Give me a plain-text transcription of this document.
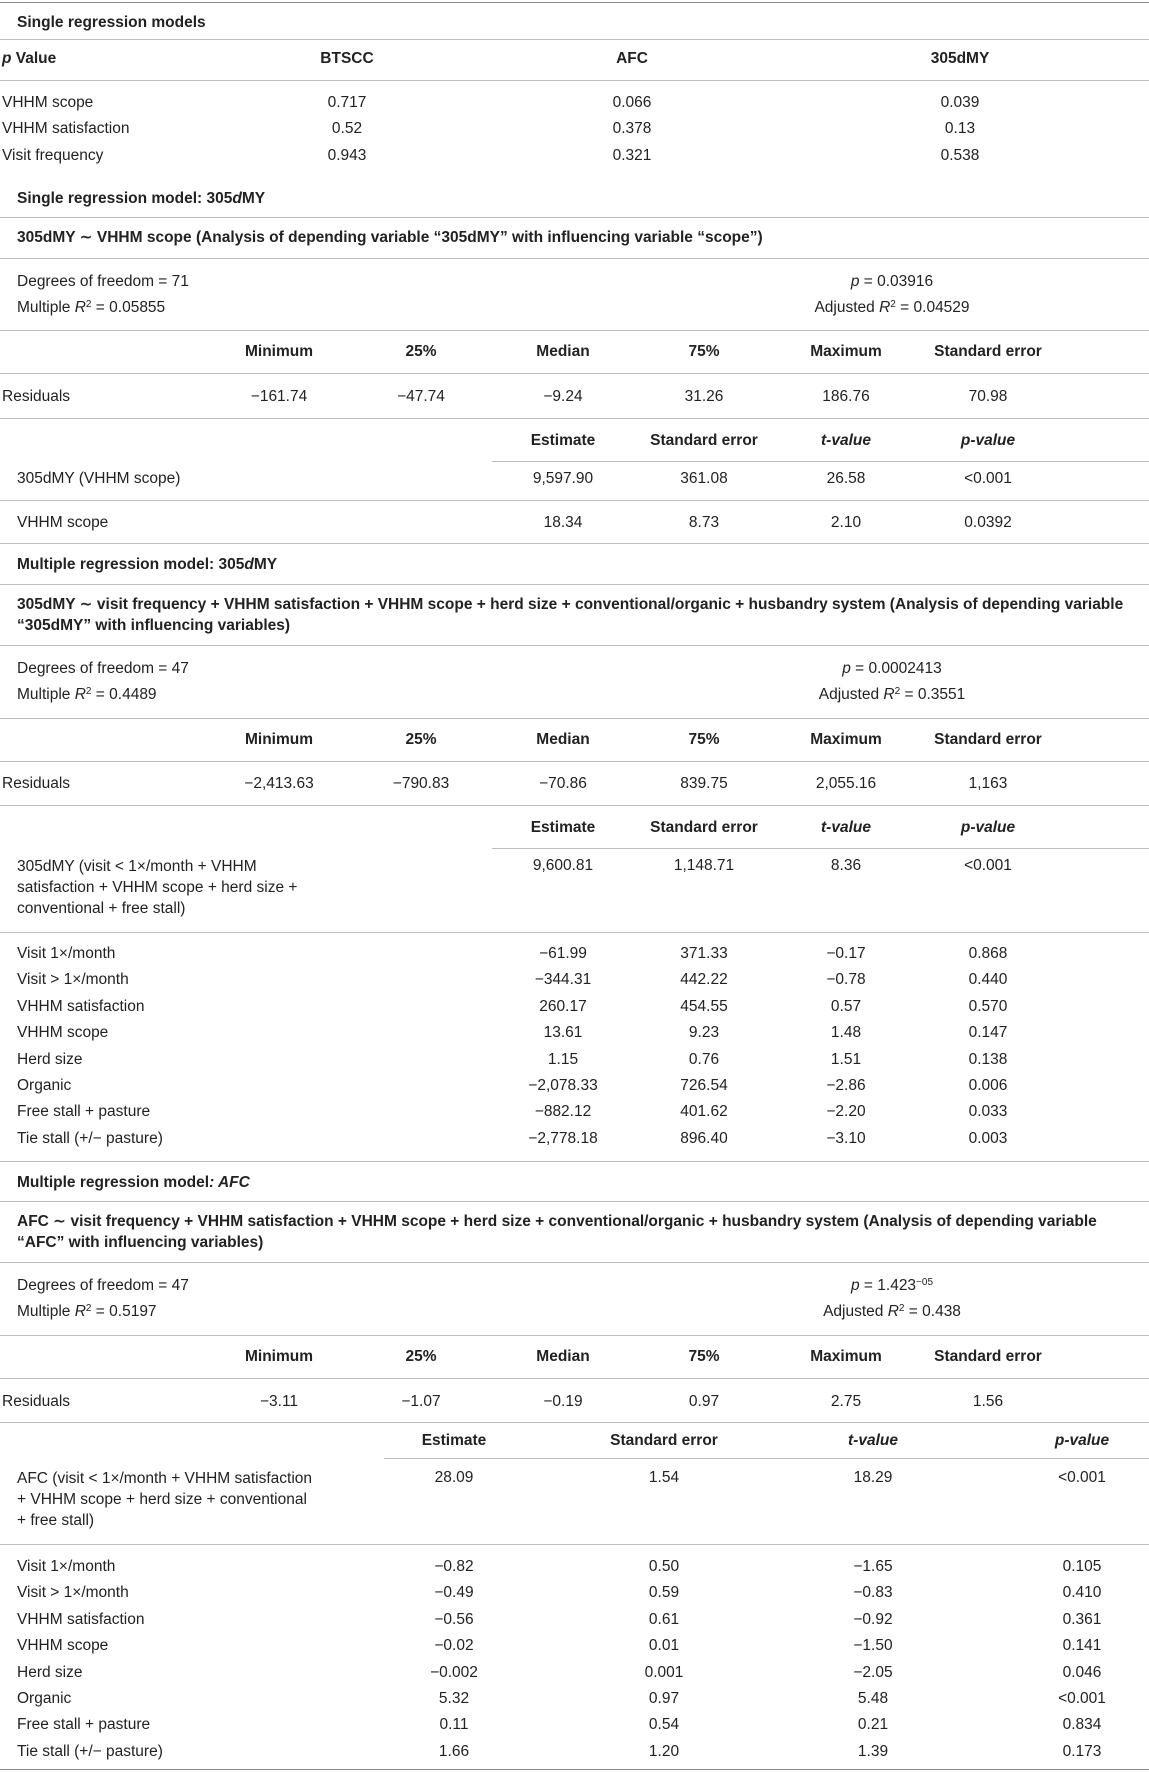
Single regression models
p Value	BTSCC	AFC	305dMY
VHHM scope	0.717	0.066	0.039
VHHM satisfaction	0.52	0.378	0.13
Visit frequency	0.943	0.321	0.538
Single regression model: 305dMY
305dMY ∼ VHHM scope (Analysis of depending variable “305dMY” with influencing variable “scope”)
Degrees of freedom = 71
Multiple $R^2 = 0.05855$
p = 0.03916
Adjusted $R^2 = 0.04529$
Minimum	25%	Median	75%	Maximum	Standard error
Residuals	−161.74	−47.74	−9.24	31.26	186.76	70.98
Estimate	Standard error	t-value	p-value
305dMY (VHHM scope)	9,597.90	361.08	26.58	<0.001
VHHM scope	18.34	8.73	2.10	0.0392
Multiple regression model: 305dMY
305dMY ∼ visit frequency + VHHM satisfaction + VHHM scope + herd size + conventional/organic + husbandry system (Analysis of depending variable “305dMY” with influencing variables)
Degrees of freedom = 47
Multiple $R^2 = 0.4489$
p = 0.0002413
Adjusted $R^2 = 0.3551$
Minimum	25%	Median	75%	Maximum	Standard error
Residuals	−2,413.63	−790.83	−70.86	839.75	2,055.16	1,163
Estimate	Standard error	t-value	p-value
305dMY (visit < 1×/month + VHHM satisfaction + VHHM scope + herd size + conventional + free stall)
9,600.81	1,148.71	8.36	<0.001
Visit 1×/month	−61.99	371.33	−0.17	0.868
Visit > 1×/month	−344.31	442.22	−0.78	0.440
VHHM satisfaction	260.17	454.55	0.57	0.570
VHHM scope	13.61	9.23	1.48	0.147
Herd size	1.15	0.76	1.51	0.138
Organic	−2,078.33	726.54	−2.86	0.006
Free stall + pasture	−882.12	401.62	−2.20	0.033
Tie stall (+/− pasture)	−2,778.18	896.40	−3.10	0.003
Multiple regression model: AFC
AFC ∼ visit frequency + VHHM satisfaction + VHHM scope + herd size + conventional/organic + husbandry system (Analysis of depending variable “AFC” with influencing variables)
Degrees of freedom = 47
Multiple $R^2 = 0.5197$
$p = 1.423^{-05}$
Adjusted $R^2 = 0.438$
Minimum	25%	Median	75%	Maximum	Standard error
Residuals	−3.11	−1.07	−0.19	0.97	2.75	1.56
Estimate	Standard error	t-value	p-value
AFC (visit < 1×/month + VHHM satisfaction + VHHM scope + herd size + conventional + free stall)
28.09	1.54	18.29	<0.001
Visit 1×/month	−0.82	0.50	−1.65	0.105
Visit > 1×/month	−0.49	0.59	−0.83	0.410
VHHM satisfaction	−0.56	0.61	−0.92	0.361
VHHM scope	−0.02	0.01	−1.50	0.141
Herd size	−0.002	0.001	−2.05	0.046
Organic	5.32	0.97	5.48	<0.001
Free stall + pasture	0.11	0.54	0.21	0.834
Tie stall (+/− pasture)	1.66	1.20	1.39	0.173
